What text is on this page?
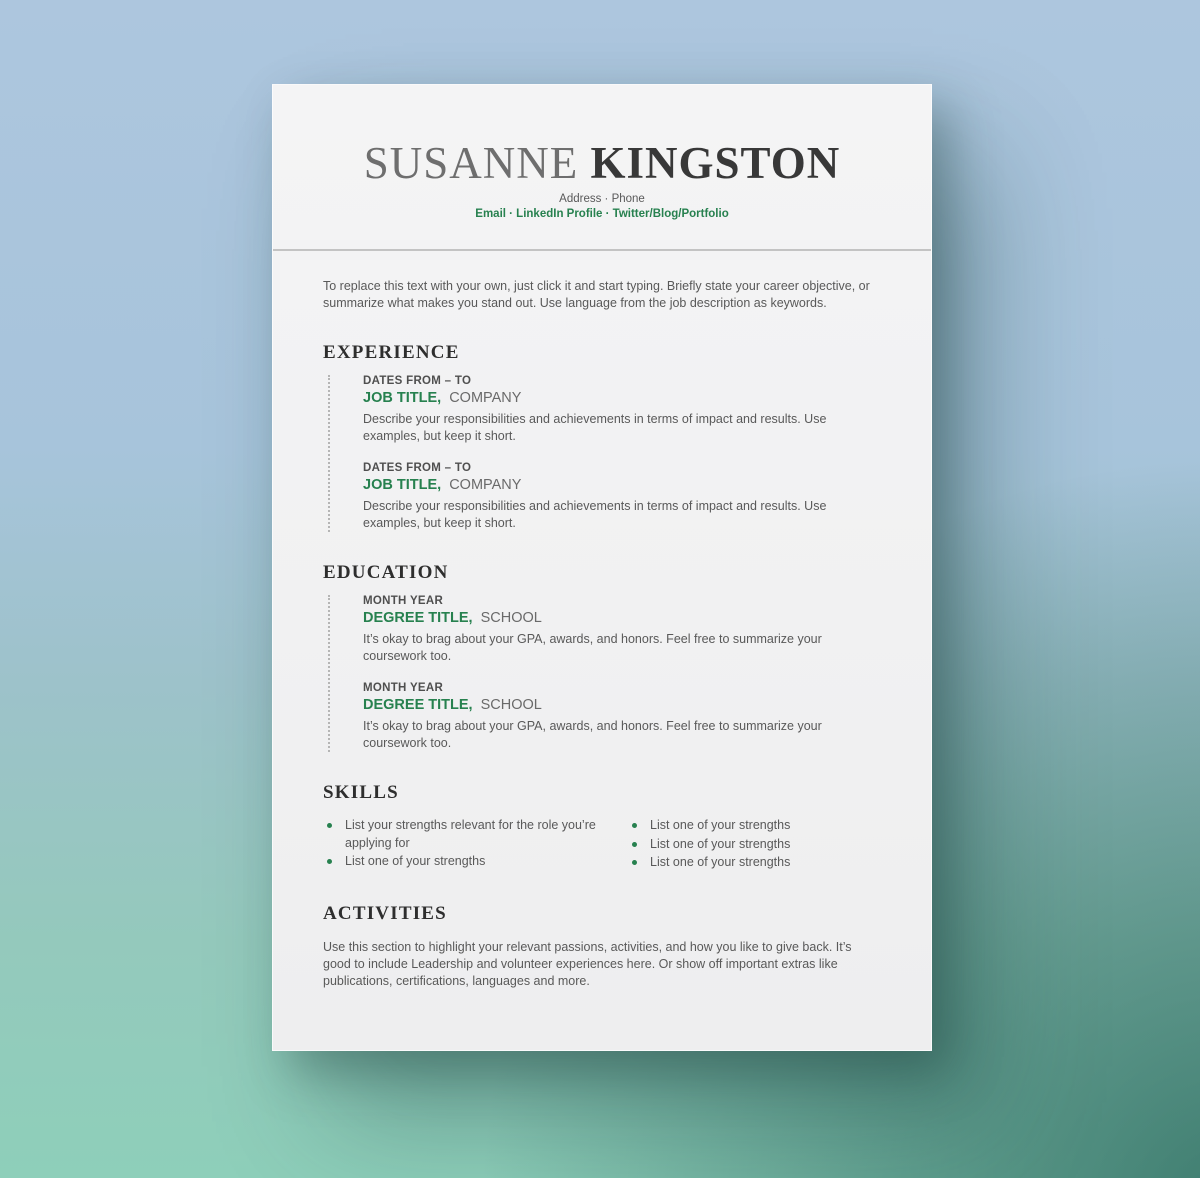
SUSANNE KINGSTON
Address · Phone
Email · LinkedIn Profile · Twitter/Blog/Portfolio

To replace this text with your own, just click it and start typing. Briefly state your career objective, or summarize what makes you stand out. Use language from the job description as keywords.

EXPERIENCE
DATES FROM – TO
JOB TITLE, COMPANY

Describe your responsibilities and achievements in terms of impact and results. Use examples, but keep it short.

DATES FROM – TO
JOB TITLE, COMPANY

Describe your responsibilities and achievements in terms of impact and results. Use examples, but keep it short.

EDUCATION
MONTH YEAR
DEGREE TITLE, SCHOOL

It’s okay to brag about your GPA, awards, and honors. Feel free to summarize your coursework too.

MONTH YEAR
DEGREE TITLE, SCHOOL

It’s okay to brag about your GPA, awards, and honors. Feel free to summarize your coursework too.

SKILLS
List your strengths relevant for the role you’re applying for
List one of your strengths
List one of your strengths
List one of your strengths
List one of your strengths
ACTIVITIES

Use this section to highlight your relevant passions, activities, and how you like to give back. It’s good to include Leadership and volunteer experiences here. Or show off important extras like publications, certifications, languages and more.
